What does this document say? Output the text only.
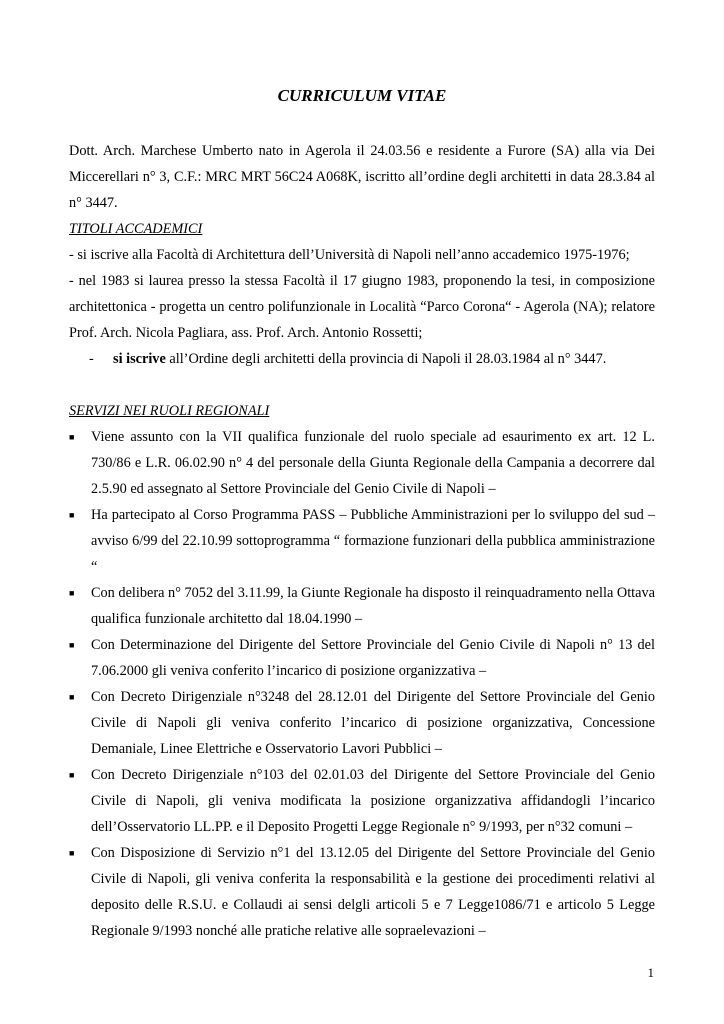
CURRICULUM VITAE

Dott. Arch. Marchese Umberto nato in Agerola il 24.03.56 e residente a Furore (SA) alla via Dei Miccerellari n° 3, C.F.: MRC MRT 56C24 A068K, iscritto all’ordine degli architetti in data 28.3.84 al n° 3447.

TITOLI ACCADEMICI

- si iscrive alla Facoltà di Architettura dell’Università di Napoli nell’anno accademico 1975-1976;

- nel 1983 si laurea presso la stessa Facoltà il 17 giugno 1983, proponendo la tesi, in composizione architettonica - progetta un centro polifunzionale in Località “Parco Corona“ - Agerola (NA); relatore Prof. Arch. Nicola Pagliara, ass. Prof. Arch. Antonio Rossetti;

- si iscrive all’Ordine degli architetti della provincia di Napoli il 28.03.1984 al n° 3447.

SERVIZI NEI RUOLI REGIONALI

■ Viene assunto con la VII qualifica funzionale del ruolo speciale ad esaurimento ex art. 12 L. 730/86 e L.R. 06.02.90 n° 4 del personale della Giunta Regionale della Campania a decorrere dal 2.5.90 ed assegnato al Settore Provinciale del Genio Civile di Napoli –
■ Ha partecipato al Corso Programma PASS – Pubbliche Amministrazioni per lo sviluppo del sud – avviso 6/99 del 22.10.99 sottoprogramma “ formazione funzionari della pubblica amministrazione “
■ Con delibera n° 7052 del 3.11.99, la Giunte Regionale ha disposto il reinquadramento nella Ottava qualifica funzionale architetto dal 18.04.1990 –
■ Con Determinazione del Dirigente del Settore Provinciale del Genio Civile di Napoli n° 13 del 7.06.2000 gli veniva conferito l’incarico di posizione organizzativa –
■ Con Decreto Dirigenziale n°3248 del 28.12.01 del Dirigente del Settore Provinciale del Genio Civile di Napoli gli veniva conferito l’incarico di posizione organizzativa, Concessione Demaniale, Linee Elettriche e Osservatorio Lavori Pubblici –
■ Con Decreto Dirigenziale n°103 del 02.01.03 del Dirigente del Settore Provinciale del Genio Civile di Napoli, gli veniva modificata la posizione organizzativa affidandogli l’incarico dell’Osservatorio LL.PP. e il Deposito Progetti Legge Regionale n° 9/1993, per n°32 comuni –
■ Con Disposizione di Servizio n°1 del 13.12.05 del Dirigente del Settore Provinciale del Genio Civile di Napoli, gli veniva conferita la responsabilità e la gestione dei procedimenti relativi al deposito delle R.S.U. e Collaudi ai sensi delgli articoli 5 e 7 Legge1086/71 e articolo 5 Legge Regionale 9/1993 nonché alle pratiche relative alle sopraelevazioni –
1
